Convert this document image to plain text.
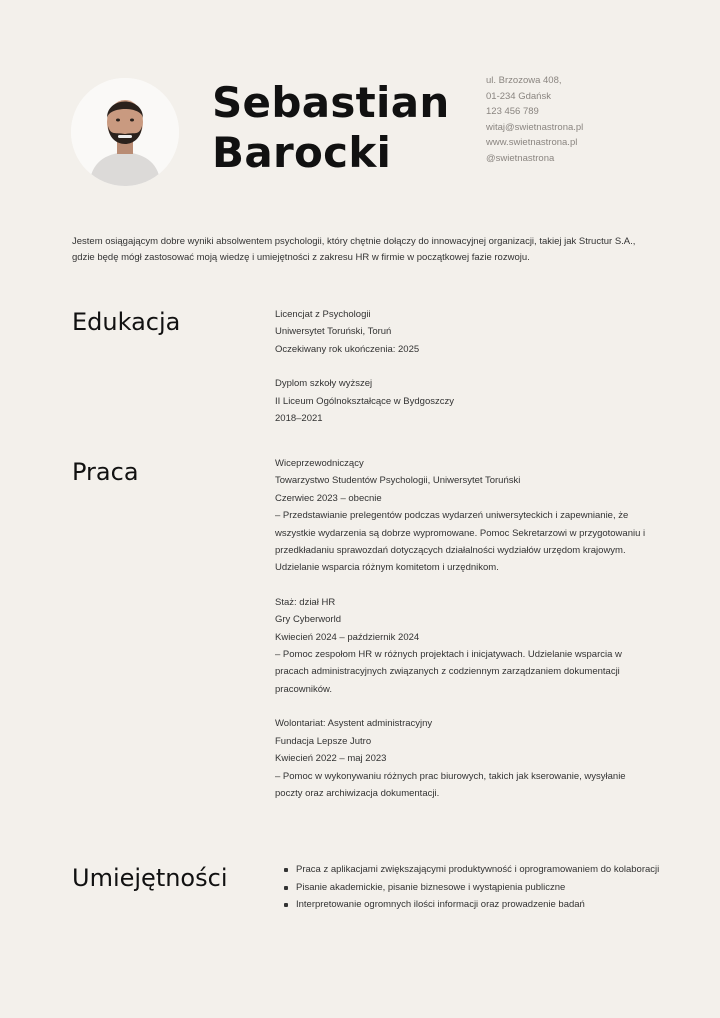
Sebastian
Barocki
ul. Brzozowa 408,
01-234 Gdańsk
123 456 789
witaj@swietnastrona.pl
www.swietnastrona.pl
@swietnastrona

Jestem osiągającym dobre wyniki absolwentem psychologii, który chętnie dołączy do innowacyjnej organizacji, takiej jak Structur S.A., gdzie będę mógł zastosować moją wiedzę i umiejętności z zakresu HR w firmie w początkowej fazie rozwoju.

Edukacja	Licencjat z Psychologii
Uniwersytet Toruński, Toruń
Oczekiwany rok ukończenia: 2025
Dyplom szkoły wyższej
II Liceum Ogólnokształcące w Bydgoszczy
2018–2021
Praca	Wiceprzewodniczący
Towarzystwo Studentów Psychologii, Uniwersytet Toruński
Czerwiec 2023 – obecnie
– Przedstawianie prelegentów podczas wydarzeń uniwersyteckich i zapewnianie, że wszystkie wydarzenia są dobrze wypromowane. Pomoc Sekretarzowi w przygotowaniu i przedkładaniu sprawozdań dotyczących działalności wydziałów urzędom krajowym. Udzielanie wsparcia różnym komitetom i urzędnikom.
Staż: dział HR
Gry Cyberworld
Kwiecień 2024 – październik 2024
– Pomoc zespołom HR w różnych projektach i inicjatywach. Udzielanie wsparcia w pracach administracyjnych związanych z codziennym zarządzaniem dokumentacji pracowników.
Wolontariat: Asystent administracyjny
Fundacja Lepsze Jutro
Kwiecień 2022 – maj 2023
– Pomoc w wykonywaniu różnych prac biurowych, takich jak kserowanie, wysyłanie poczty oraz archiwizacja dokumentacji.
Umiejętności	Praca z aplikacjami zwiększającymi produktywność i oprogramowaniem do kolaboracji
Pisanie akademickie, pisanie biznesowe i wystąpienia publiczne
Interpretowanie ogromnych ilości informacji oraz prowadzenie badań
